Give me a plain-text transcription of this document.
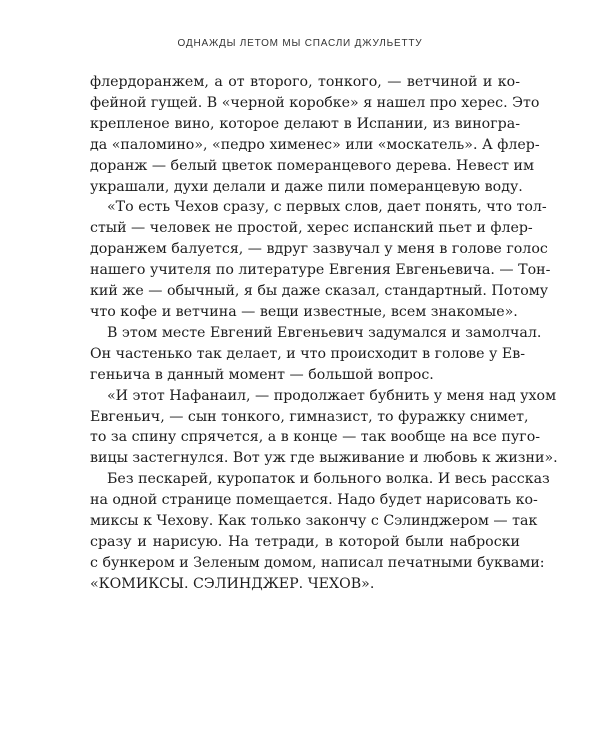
ОДНАЖДЫ ЛЕТОМ МЫ СПАСЛИ ДЖУЛЬЕТТУ

флердоранжем, а от второго, тонкого, — ветчиной и ко-
фейной гущей. В «черной коробке» я нашел про херес. Это
крепленое вино, которое делают в Испании, из виногра-
да «паломино», «педро хименес» или «москатель». А флер-
доранж — белый цветок померанцевого дерева. Невест им
украшали, духи делали и даже пили померанцевую воду.

«То есть Чехов сразу, с первых слов, дает понять, что тол-
стый — человек не простой, херес испанский пьет и флер-
доранжем балуется, — вдруг зазвучал у меня в голове голос
нашего учителя по литературе Евгения Евгеньевича. — Тон-
кий же — обычный, я бы даже сказал, стандартный. Потому
что кофе и ветчина — вещи известные, всем знакомые».

В этом месте Евгений Евгеньевич задумался и замолчал.
Он частенько так делает, и что происходит в голове у Ев-
геньича в данный момент — большой вопрос.

«И этот Нафанаил, — продолжает бубнить у меня над ухом
Евгеньич, — сын тонкого, гимназист, то фуражку снимет,
то за спину спрячется, а в конце — так вообще на все пуго-
вицы застегнулся. Вот уж где выживание и любовь к жизни».

Без пескарей, куропаток и больного волка. И весь рассказ
на одной странице помещается. Надо будет нарисовать ко-
миксы к Чехову. Как только закончу с Сэлинджером — так
сразу и нарисую. На тетради, в которой были наброски
с бункером и Зеленым домом, написал печатными буквами:
«КОМИКСЫ. СЭЛИНДЖЕР. ЧЕХОВ».
